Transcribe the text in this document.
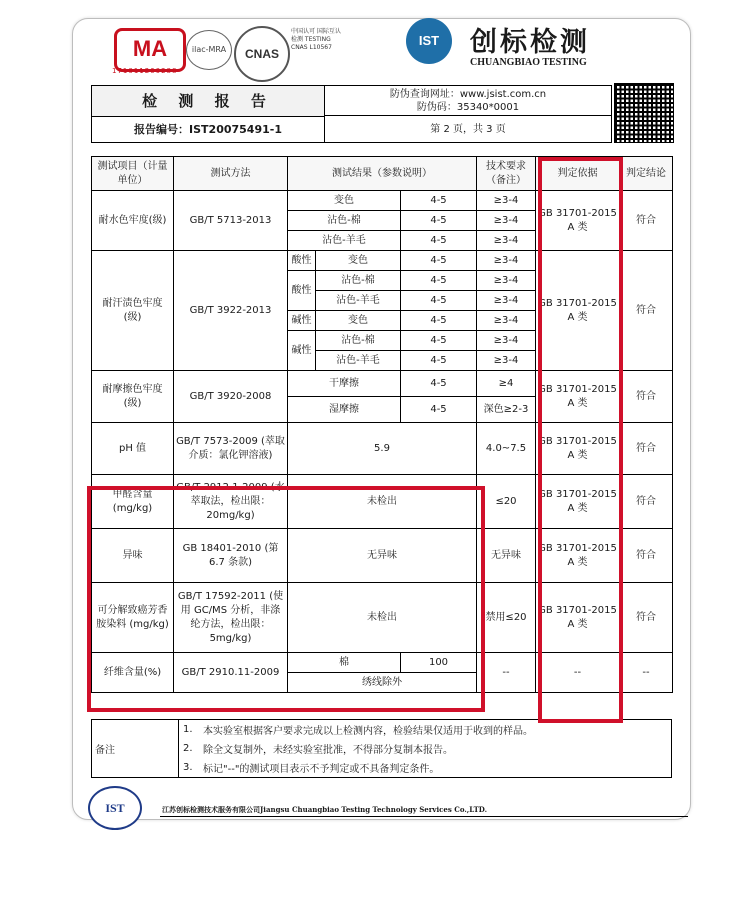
MA
171011260288
ilac-MRA	CNAS
中国认可 国际互认 检测 TESTING CNAS L10567	IST	创标检测
CHUANGBIAO TESTING
检 测 报 告
报告编号：IST20075491-1
防伪查询网址：www.jsist.com.cn
防伪码：35340*0001
第 2 页，共 3 页
测试项目（计量单位）	测试方法	测试结果（参数说明）			技术要求（备注）	判定依据	判定结论
耐水色牢度(级)	GB/T 5713-2013	变色		4-5	≥3-4	GB 31701-2015 A 类	符合
		沾色-棉		4-5	≥3-4		
		沾色-羊毛		4-5	≥3-4		
耐汗渍色牢度(级)	GB/T 3922-2013	酸性	变色	4-5	≥3-4	GB 31701-2015 A 类	符合
		酸性	沾色-棉	4-5	≥3-4		
			沾色-羊毛	4-5	≥3-4		
		碱性	变色	4-5	≥3-4		
		碱性	沾色-棉	4-5	≥3-4		
			沾色-羊毛	4-5	≥3-4		
耐摩擦色牢度(级)	GB/T 3920-2008	干摩擦		4-5	≥4	GB 31701-2015 A 类	符合
		湿摩擦		4-5	深色≥2-3		
pH 值	GB/T 7573-2009 (萃取介质：氯化钾溶液)	5.9			4.0~7.5	GB 31701-2015 A 类	符合
甲醛含量 (mg/kg)	GB/T 2912.1-2009 (水萃取法，检出限：20mg/kg)	未检出			≤20	GB 31701-2015 A 类	符合
异味	GB 18401-2010 (第 6.7 条款)	无异味			无异味	GB 31701-2015 A 类	符合
可分解致癌芳香胺染料 (mg/kg)	GB/T 17592-2011 (使用 GC/MS 分析，非涤纶方法，检出限：5mg/kg)	未检出			禁用≤20	GB 31701-2015 A 类	符合
纤维含量(%)	GB/T 2910.11-2009	棉		100	--	--	--
		绣线除外					
备注	1.	本实验室根据客户要求完成以上检测内容，检验结果仅适用于收到的样品。
	2.	除全文复制外，未经实验室批准，不得部分复制本报告。
	3.	标记"--"的测试项目表示不予判定或不具备判定条件。
IST	江苏创标检测技术服务有限公司Jiangsu Chuangbiao Testing Technology Services Co.,LTD.
